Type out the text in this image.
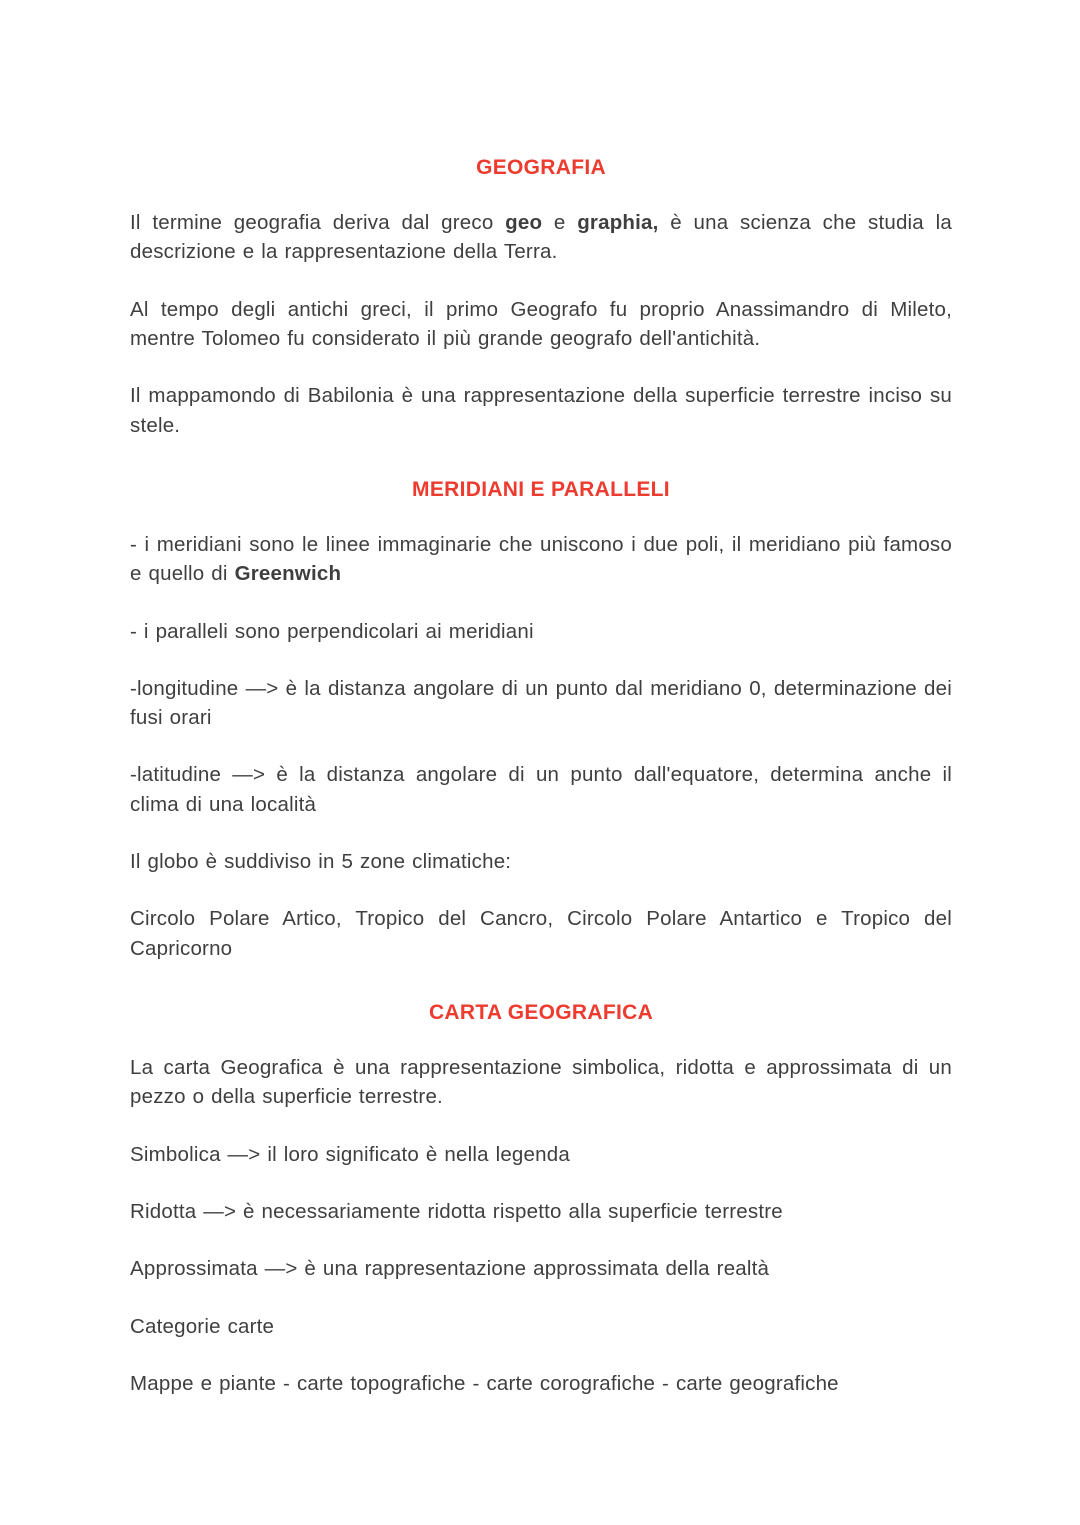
GEOGRAFIA

Il termine geografia deriva dal greco geo e graphia, è una scienza che studia la descrizione e la rappresentazione della Terra.

Al tempo degli antichi greci, il primo Geografo fu proprio Anassimandro di Mileto, mentre Tolomeo fu considerato il più grande geografo dell'antichità.

Il mappamondo di Babilonia è una rappresentazione della superficie terrestre inciso su stele.

MERIDIANI E PARALLELI

- i meridiani sono le linee immaginarie che uniscono i due poli, il meridiano più famoso e quello di Greenwich

- i paralleli sono perpendicolari ai meridiani

-longitudine —> è la distanza angolare di un punto dal meridiano 0, determinazione dei fusi orari

-latitudine —> è la distanza angolare di un punto dall'equatore, determina anche il clima di una località

Il globo è suddiviso in 5 zone climatiche:

Circolo Polare Artico, Tropico del Cancro, Circolo Polare Antartico e Tropico del Capricorno

CARTA GEOGRAFICA

La carta Geografica è una rappresentazione simbolica, ridotta e approssimata di un pezzo o della superficie terrestre.

Simbolica —> il loro significato è nella legenda

Ridotta —> è necessariamente ridotta rispetto alla superficie terrestre

Approssimata —> è una rappresentazione approssimata della realtà

Categorie carte

Mappe e piante - carte topografiche - carte corografiche - carte geografiche
